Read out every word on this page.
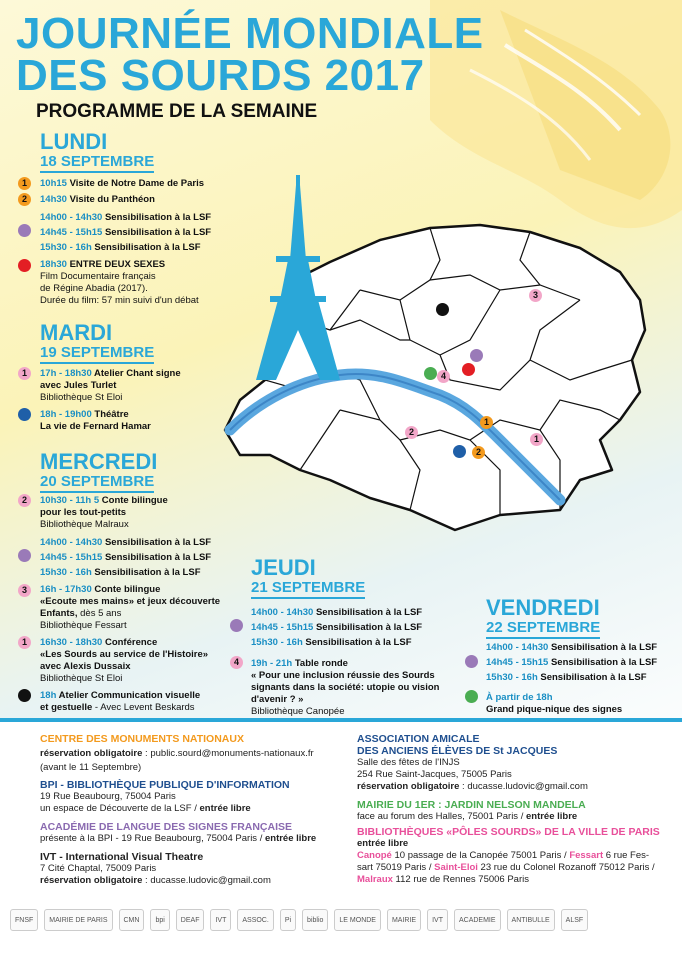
JOURNÉE MONDIALE
DES SOURDS 2017
PROGRAMME DE LA SEMAINE
3
4
1
2
2
1
LUNDI
18 SEPTEMBRE
1	10h15 Visite de Notre Dame de Paris
2	14h30 Visite du Panthéon
14h00 - 14h30 Sensibilisation à la LSF
14h45 - 15h15 Sensibilisation à la LSF
15h30 - 16h Sensibilisation à la LSF
18h30 ENTRE DEUX SEXES
Film Documentaire français
de Régine Abadia (2017).
Durée du film: 57 min suivi d'un débat
MARDI
19 SEPTEMBRE
1	17h - 18h30 Atelier Chant signe
avec Jules Turlet
Bibliothèque St Eloi
18h - 19h00 Théâtre
La vie de Fernard Hamar
MERCREDI
20 SEPTEMBRE
2	10h30 - 11h 5 Conte bilingue
pour les tout-petits
Bibliothèque Malraux
14h00 - 14h30 Sensibilisation à la LSF
14h45 - 15h15 Sensibilisation à la LSF
15h30 - 16h Sensibilisation à la LSF
3	16h - 17h30 Conte bilingue
«Ecoute mes mains» et jeux découverte
Enfants, dès 5 ans
Bibliothèque Fessart
1	16h30 - 18h30 Conférence
«Les Sourds au service de l'Histoire»
avec Alexis Dussaix
Bibliothèque St Eloi
18h Atelier Communication visuelle
et gestuelle - Avec Levent Beskards
JEUDI
21 SEPTEMBRE
14h00 - 14h30 Sensibilisation à la LSF
14h45 - 15h15 Sensibilisation à la LSF
15h30 - 16h Sensibilisation à la LSF
4	19h - 21h Table ronde
« Pour une inclusion réussie des Sourds
signants dans la société: utopie ou vision
d'avenir ? »
Bibliothèque Canopée
VENDREDI
22 SEPTEMBRE
14h00 - 14h30 Sensibilisation à la LSF
14h45 - 15h15 Sensibilisation à la LSF
15h30 - 16h Sensibilisation à la LSF
À partir de 18h
Grand pique-nique des signes
CENTRE DES MONUMENTS NATIONAUX
réservation obligatoire : public.sourd@monuments-nationaux.fr
(avant le 11 Septembre)
BPI - BIBLIOTHÈQUE PUBLIQUE D'INFORMATION
19 Rue Beaubourg, 75004 Paris
un espace de Découverte de la LSF / entrée libre
ACADÉMIE DE LANGUE DES SIGNES FRANÇAISE
présente à la BPI - 19 Rue Beaubourg, 75004 Paris / entrée libre
IVT - International Visual Theatre
7 Cité Chaptal, 75009 Paris
réservation obligatoire : ducasse.ludovic@gmail.com
ASSOCIATION AMICALE
DES ANCIENS ÉLÈVES DE St JACQUES
Salle des fêtes de l'INJS
254 Rue Saint-Jacques, 75005 Paris
réservation obligatoire : ducasse.ludovic@gmail.com
MAIRIE DU 1ER : JARDIN NELSON MANDELA
face au forum des Halles, 75001 Paris / entrée libre
BIBLIOTHÈQUES «PÔLES SOURDS» DE LA VILLE DE PARIS
entrée libre
Canopé 10 passage de la Canopée 75001 Paris / Fessart 6 rue Fes-
sart 75019 Paris / Saint-Eloi 23 rue du Colonel Rozanoff 75012 Paris /
Malraux 112 rue de Rennes 75006 Paris
FNSF	MAIRIE DE PARIS	CMN	bpi	DEAF	IVT	ASSOC.	Pi	biblio	LE MONDE	MAIRIE	IVT	ACADEMIE	ANTIBULLE	ALSF
